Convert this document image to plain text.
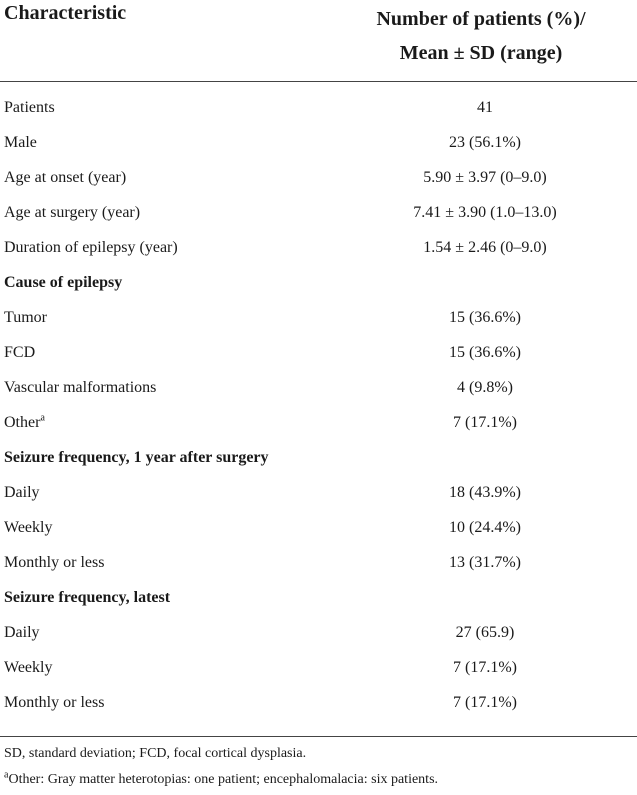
Characteristic	Number of patients (%)/
Mean ± SD (range)
Patients	41
Male	23 (56.1%)
Age at onset (year)	5.90 ± 3.97 (0–9.0)
Age at surgery (year)	7.41 ± 3.90 (1.0–13.0)
Duration of epilepsy (year)	1.54 ± 2.46 (0–9.0)
Cause of epilepsy
Tumor	15 (36.6%)
FCD	15 (36.6%)
Vascular malformations	4 (9.8%)
Other$^a$	7 (17.1%)
Seizure frequency, 1 year after surgery
Daily	18 (43.9%)
Weekly	10 (24.4%)
Monthly or less	13 (31.7%)
Seizure frequency, latest
Daily	27 (65.9)
Weekly	7 (17.1%)
Monthly or less	7 (17.1%)
SD, standard deviation; FCD, focal cortical dysplasia.
$^a$Other: Gray matter heterotopias: one patient; encephalomalacia: six patients.
